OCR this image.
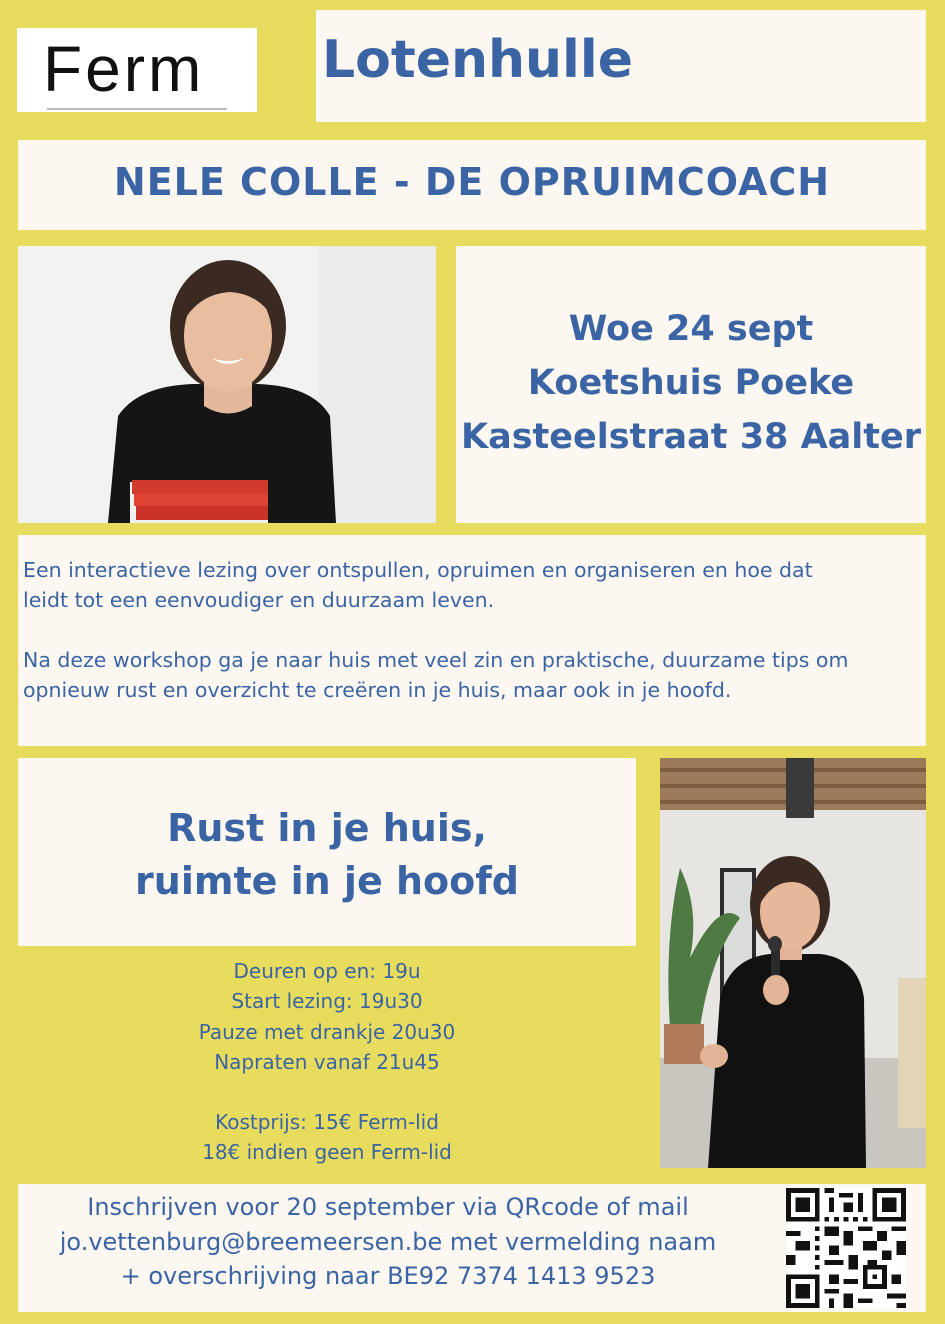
Ferm Lotenhulle
NELE COLLE - DE OPRUIMCOACH
Woe 24 sept
Koetshuis Poeke
Kasteelstraat 38 Aalter

Een interactieve lezing over ontspullen, opruimen en organiseren en hoe dat
leidt tot een eenvoudiger en duurzaam leven.

Na deze workshop ga je naar huis met veel zin en praktische, duurzame tips om
opnieuw rust en overzicht te creëren in je huis, maar ook in je hoofd.

Rust in je huis,
ruimte in je hoofd
Deuren op en: 19u
Start lezing: 19u30
Pauze met drankje 20u30
Napraten vanaf 21u45
Kostprijs: 15€ Ferm-lid
18€ indien geen Ferm-lid
Inschrijven voor 20 september via QRcode of mail
jo.vettenburg@breemeersen.be met vermelding naam
+ overschrijving naar BE92 7374 1413 9523
